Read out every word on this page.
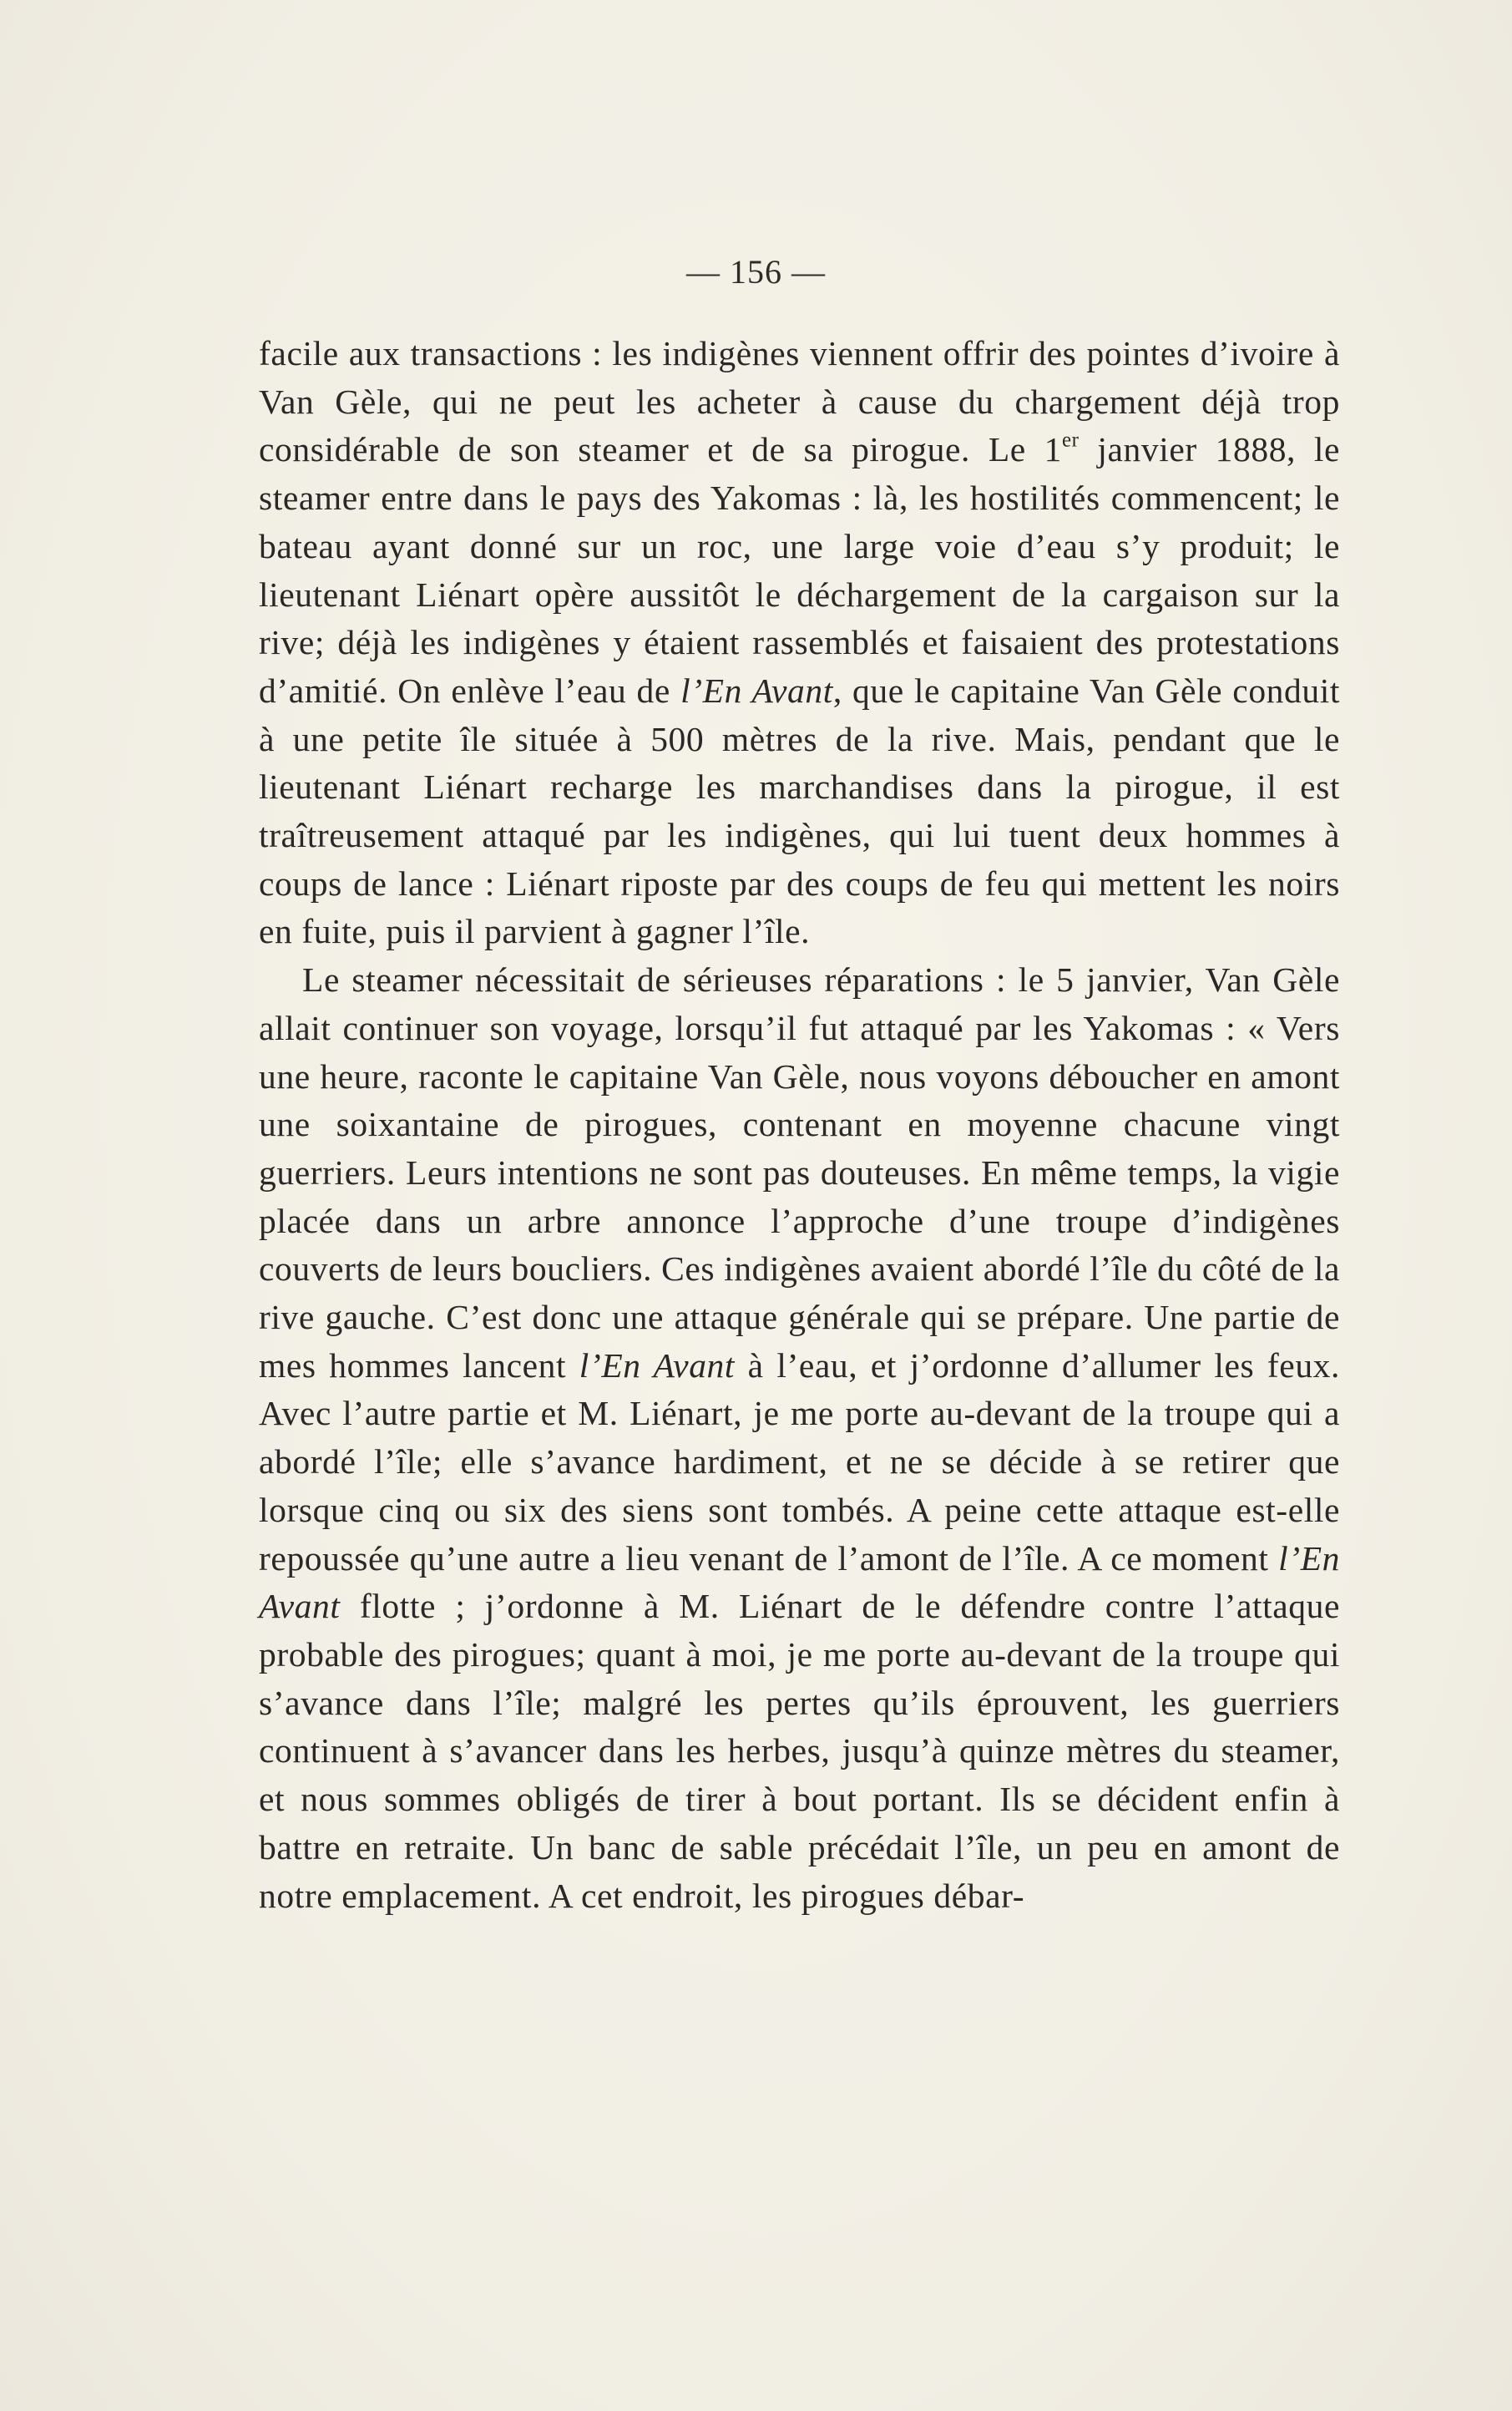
— 156 —

facile aux transactions : les indigènes viennent offrir des pointes d’ivoire à Van Gèle, qui ne peut les acheter à cause du chargement déjà trop considérable de son steamer et de sa pirogue. Le 1er janvier 1888, le steamer entre dans le pays des Yakomas : là, les hostilités commencent; le bateau ayant donné sur un roc, une large voie d’eau s’y produit; le lieutenant Liénart opère aussitôt le déchargement de la cargaison sur la rive; déjà les indigènes y étaient rassemblés et faisaient des protestations d’amitié. On enlève l’eau de l’En Avant, que le capitaine Van Gèle conduit à une petite île située à 500 mètres de la rive. Mais, pendant que le lieutenant Liénart recharge les marchandises dans la pirogue, il est traîtreusement attaqué par les indigènes, qui lui tuent deux hommes à coups de lance : Liénart riposte par des coups de feu qui mettent les noirs en fuite, puis il parvient à gagner l’île.

Le steamer nécessitait de sérieuses réparations : le 5 janvier, Van Gèle allait continuer son voyage, lorsqu’il fut attaqué par les Yakomas : « Vers une heure, raconte le capitaine Van Gèle, nous voyons déboucher en amont une soixantaine de pirogues, contenant en moyenne chacune vingt guerriers. Leurs intentions ne sont pas douteuses. En même temps, la vigie placée dans un arbre annonce l’approche d’une troupe d’indigènes couverts de leurs boucliers. Ces indigènes avaient abordé l’île du côté de la rive gauche. C’est donc une attaque générale qui se prépare. Une partie de mes hommes lancent l’En Avant à l’eau, et j’ordonne d’allumer les feux. Avec l’autre partie et M. Liénart, je me porte au-devant de la troupe qui a abordé l’île; elle s’avance hardiment, et ne se décide à se retirer que lorsque cinq ou six des siens sont tombés. A peine cette attaque est-elle repoussée qu’une autre a lieu venant de l’amont de l’île. A ce moment l’En Avant flotte ; j’ordonne à M. Liénart de le défendre contre l’attaque probable des pirogues; quant à moi, je me porte au-devant de la troupe qui s’avance dans l’île; malgré les pertes qu’ils éprouvent, les guerriers continuent à s’avancer dans les herbes, jusqu’à quinze mètres du steamer, et nous sommes obligés de tirer à bout portant. Ils se décident enfin à battre en retraite. Un banc de sable précédait l’île, un peu en amont de notre emplacement. A cet endroit, les pirogues débar-
